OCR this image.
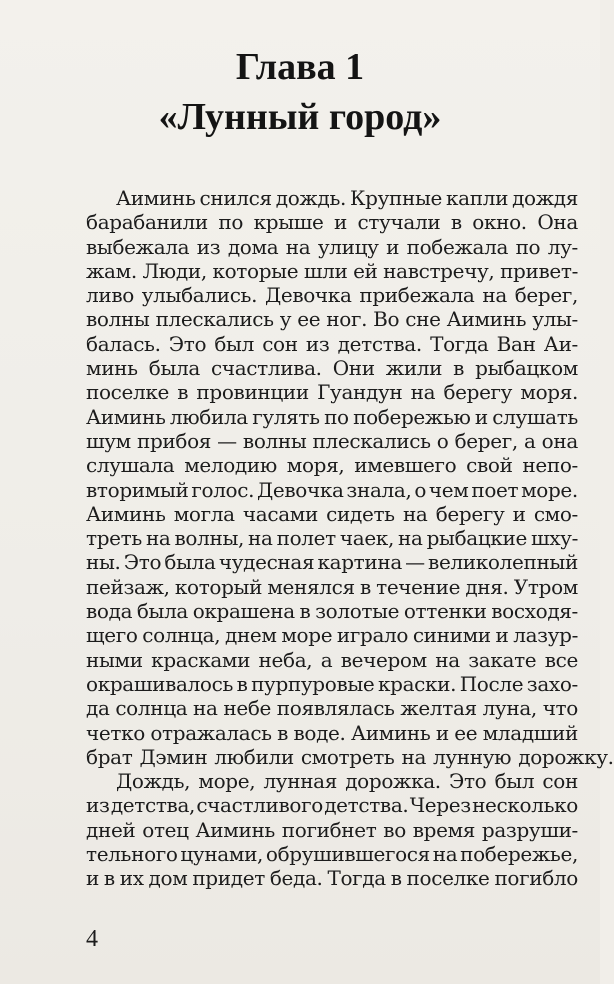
Глава 1
«Лунный город»
Аиминь снился дождь. Крупные капли дождя
барабанили по крыше и стучали в окно. Она
выбежала из дома на улицу и побежала по лу-
жам. Люди, которые шли ей навстречу, привет-
ливо улыбались. Девочка прибежала на берег,
волны плескались у ее ног. Во сне Аиминь улы-
балась. Это был сон из детства. Тогда Ван Аи-
минь была счастлива. Они жили в рыбацком
поселке в провинции Гуандун на берегу моря.
Аиминь любила гулять по побережью и слушать
шум прибоя — волны плескались о берег, а она
слушала мелодию моря, имевшего свой непо-
вторимый голос. Девочка знала, о чем поет море.
Аиминь могла часами сидеть на берегу и смо-
треть на волны, на полет чаек, на рыбацкие шху-
ны. Это была чудесная картина — великолепный
пейзаж, который менялся в течение дня. Утром
вода была окрашена в золотые оттенки восходя-
щего солнца, днем море играло синими и лазур-
ными красками неба, а вечером на закате все
окрашивалось в пурпуровые краски. После захо-
да солнца на небе появлялась желтая луна, что
четко отражалась в воде. Аиминь и ее младший
брат Дэмин любили смотреть на лунную дорожку.
Дождь, море, лунная дорожка. Это был сон
из детства, счастливого детства. Через несколько
дней отец Аиминь погибнет во время разруши-
тельного цунами, обрушившегося на побережье,
и в их дом придет беда. Тогда в поселке погибло
4
